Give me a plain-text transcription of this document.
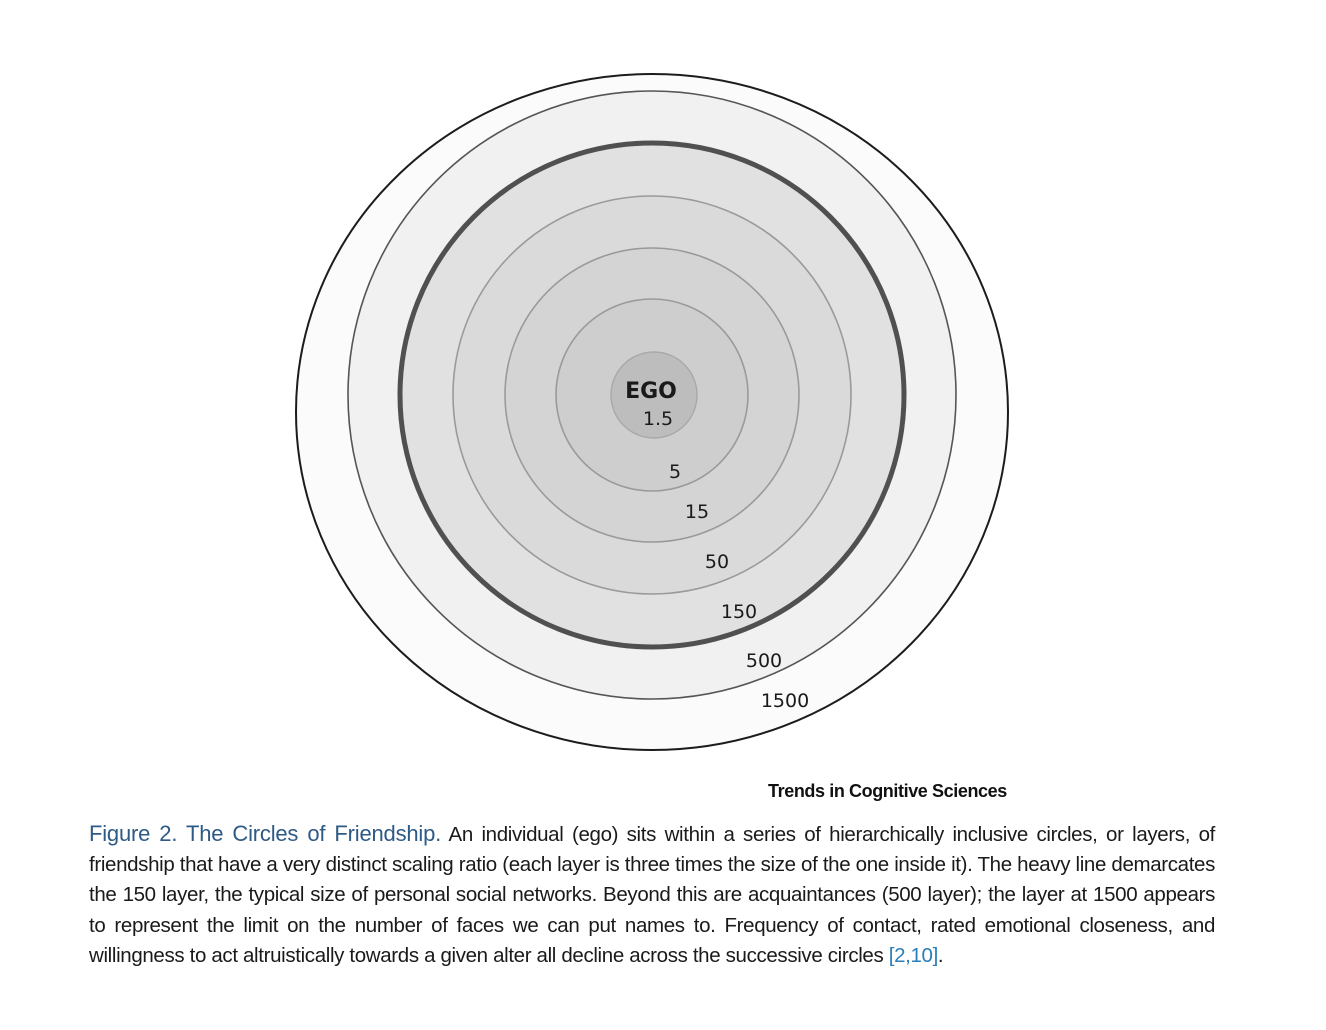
EGO
1.5
5
15
50
150
500
1500
Trends in Cognitive Sciences

Figure 2. The Circles of Friendship. An individual (ego) sits within a series of hierarchically inclusive circles, or layers, of friendship that have a very distinct scaling ratio (each layer is three times the size of the one inside it). The heavy line demarcates the 150 layer, the typical size of personal social networks. Beyond this are acquaintances (500 layer); the layer at 1500 appears to represent the limit on the number of faces we can put names to. Frequency of contact, rated emotional closeness, and willingness to act altruistically towards a given alter all decline across the successive circles [2,10].
